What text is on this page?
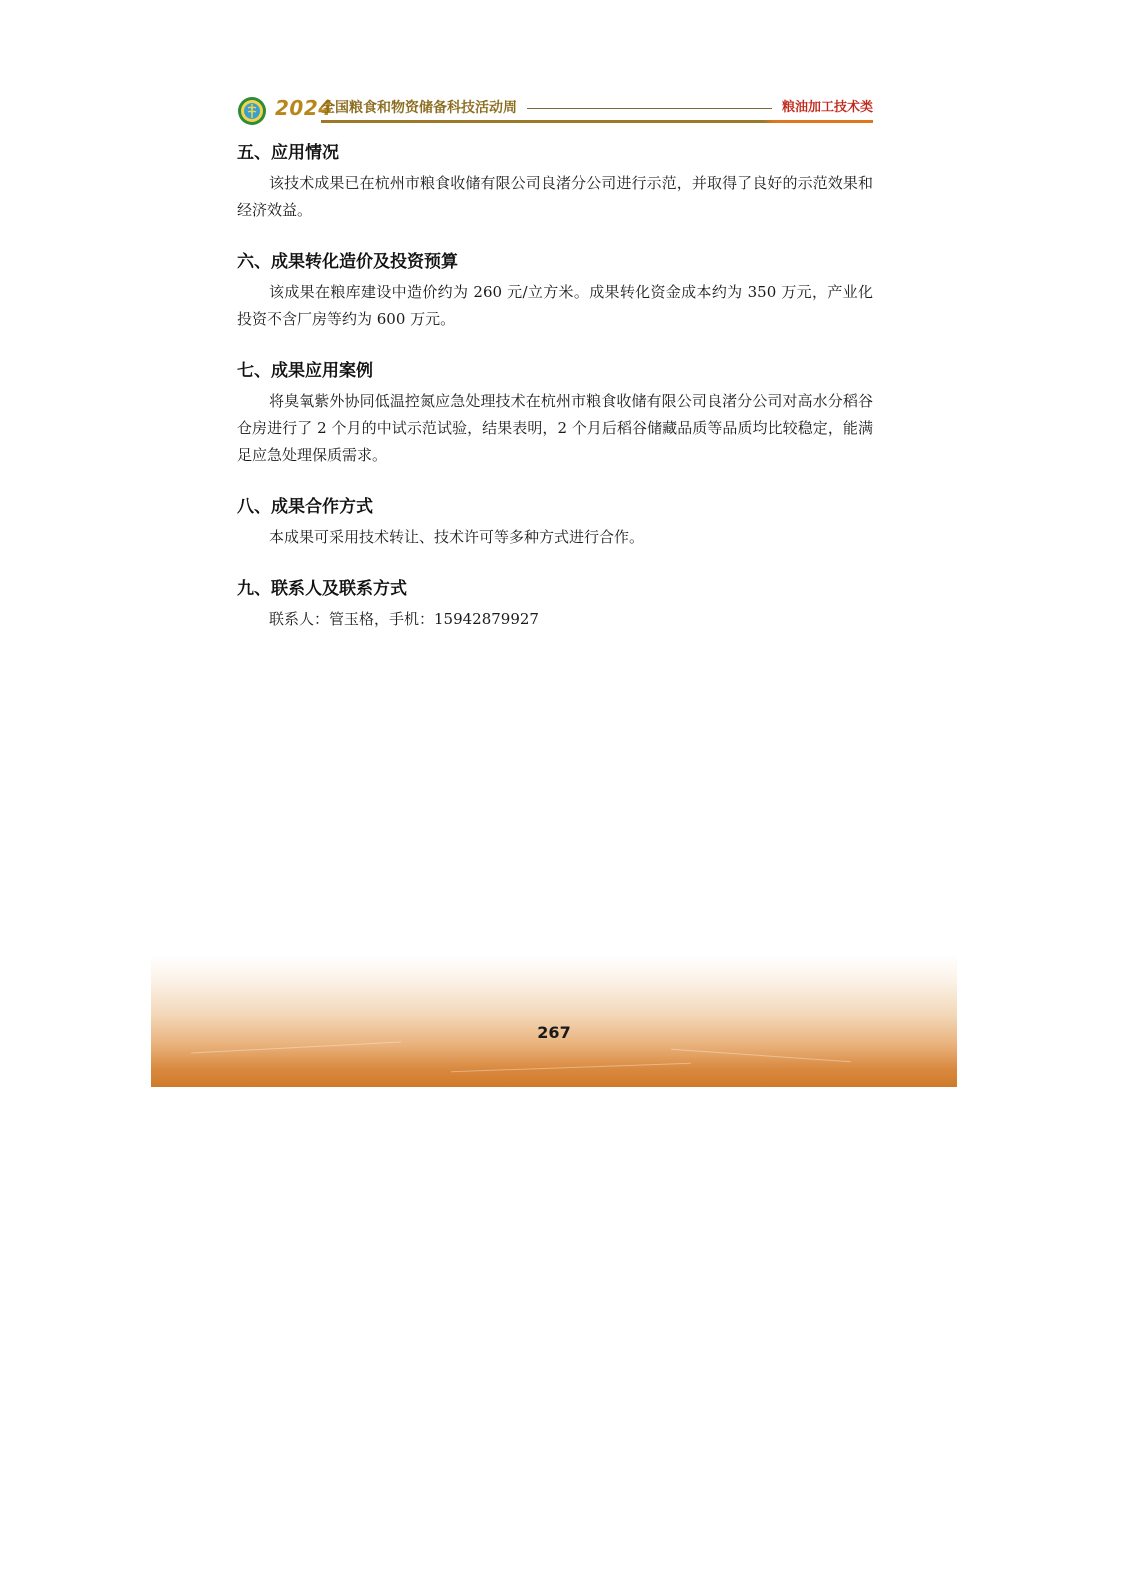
2024
全国粮食和物资储备科技活动周	粮油加工技术类
五、应用情况

该技术成果已在杭州市粮食收储有限公司良渚分公司进行示范，并取得了良好的示范效果和经济效益。

六、成果转化造价及投资预算

该成果在粮库建设中造价约为 260 元/立方米。成果转化资金成本约为 350 万元，产业化投资不含厂房等约为 600 万元。

七、成果应用案例

将臭氧紫外协同低温控氮应急处理技术在杭州市粮食收储有限公司良渚分公司对高水分稻谷仓房进行了 2 个月的中试示范试验，结果表明，2 个月后稻谷储藏品质等品质均比较稳定，能满足应急处理保质需求。

八、成果合作方式

本成果可采用技术转让、技术许可等多种方式进行合作。

九、联系人及联系方式

联系人：管玉格，手机：15942879927

267
